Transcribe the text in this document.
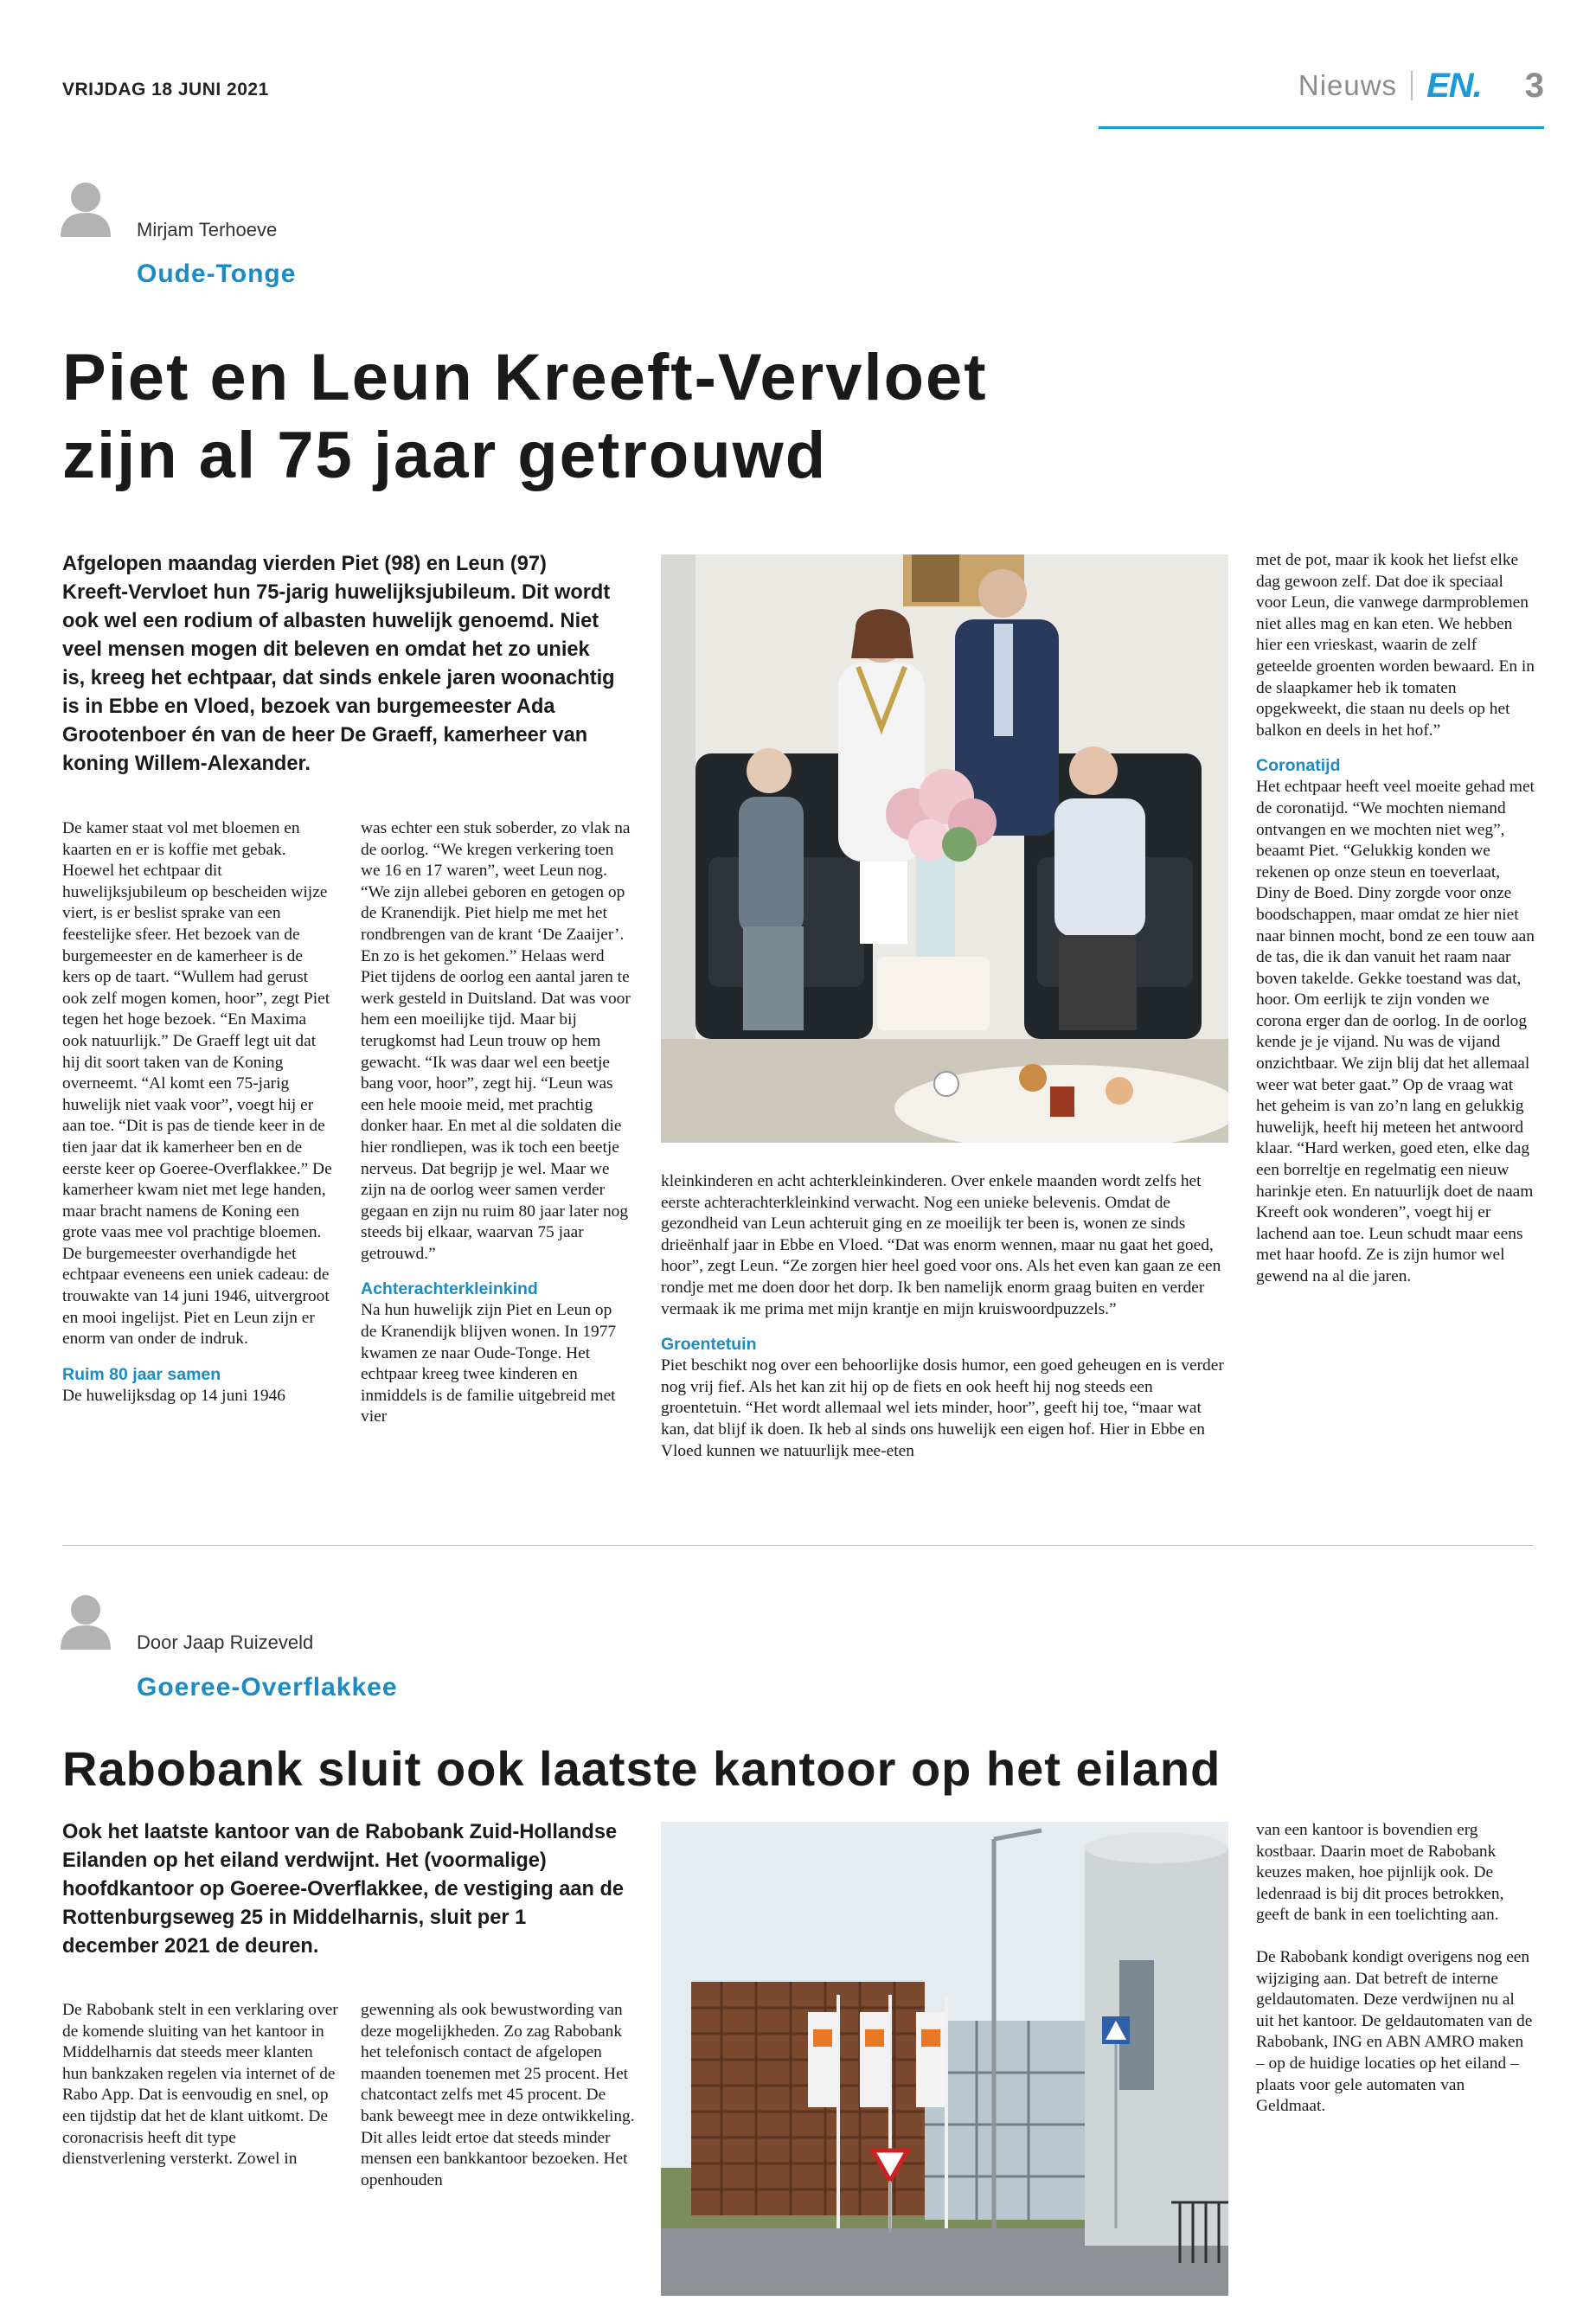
VRIJDAG 18 JUNI 2021	Nieuws EN. 3
Mirjam Terhoeve
Oude-Tonge
Piet en Leun Kreeft-Vervloet
zijn al 75 jaar getrouwd

Afgelopen maandag vierden Piet (98) en Leun (97) Kreeft-Vervloet hun 75-jarig huwelijksjubileum. Dit wordt ook wel een rodium of albasten huwelijk genoemd. Niet veel mensen mogen dit beleven en omdat het zo uniek is, kreeg het echtpaar, dat sinds enkele jaren woonachtig is in Ebbe en Vloed, bezoek van burgemeester Ada Grootenboer én van de heer De Graeff, kamerheer van koning Willem-Alexander.

De kamer staat vol met bloemen en kaarten en er is koffie met gebak. Hoewel het echtpaar dit huwelijksjubileum op bescheiden wijze viert, is er beslist sprake van een feestelijke sfeer. Het bezoek van de burgemeester en de kamerheer is de kers op de taart. “Wullem had gerust ook zelf mogen komen, hoor”, zegt Piet tegen het hoge bezoek. “En Maxima ook natuurlijk.” De Graeff legt uit dat hij dit soort taken van de Koning overneemt. “Al komt een 75-jarig huwelijk niet vaak voor”, voegt hij er aan toe. “Dit is pas de tiende keer in de tien jaar dat ik kamerheer ben en de eerste keer op Goeree-Overflakkee.” De kamerheer kwam niet met lege handen, maar bracht namens de Koning een grote vaas mee vol prachtige bloemen. De burgemeester overhandigde het echtpaar eveneens een uniek cadeau: de trouwakte van 14 juni 1946, uitvergroot en mooi ingelijst. Piet en Leun zijn er enorm van onder de indruk.

Ruim 80 jaar samen

De huwelijksdag op 14 juni 1946

was echter een stuk soberder, zo vlak na de oorlog. “We kregen verkering toen we 16 en 17 waren”, weet Leun nog. “We zijn allebei geboren en getogen op de Kranendijk. Piet hielp me met het rondbrengen van de krant ‘De Zaaijer’. En zo is het gekomen.” Helaas werd Piet tijdens de oorlog een aantal jaren te werk gesteld in Duitsland. Dat was voor hem een moeilijke tijd. Maar bij terugkomst had Leun trouw op hem gewacht. “Ik was daar wel een beetje bang voor, hoor”, zegt hij. “Leun was een hele mooie meid, met prachtig donker haar. En met al die soldaten die hier rondliepen, was ik toch een beetje nerveus. Dat begrijp je wel. Maar we zijn na de oorlog weer samen verder gegaan en zijn nu ruim 80 jaar later nog steeds bij elkaar, waarvan 75 jaar getrouwd.”

Achterachterkleinkind

Na hun huwelijk zijn Piet en Leun op de Kranendijk blijven wonen. In 1977 kwamen ze naar Oude-Tonge. Het echtpaar kreeg twee kinderen en inmiddels is de familie uitgebreid met vier

kleinkinderen en acht achterkleinkinderen. Over enkele maanden wordt zelfs het eerste achterachterkleinkind verwacht. Nog een unieke belevenis. Omdat de gezondheid van Leun achteruit ging en ze moeilijk ter been is, wonen ze sinds drieënhalf jaar in Ebbe en Vloed. “Dat was enorm wennen, maar nu gaat het goed, hoor”, zegt Leun. “Ze zorgen hier heel goed voor ons. Als het even kan gaan ze een rondje met me doen door het dorp. Ik ben namelijk enorm graag buiten en verder vermaak ik me prima met mijn krantje en mijn kruiswoordpuzzels.”

Groentetuin

Piet beschikt nog over een behoorlijke dosis humor, een goed geheugen en is verder nog vrij fief. Als het kan zit hij op de fiets en ook heeft hij nog steeds een groentetuin. “Het wordt allemaal wel iets minder, hoor”, geeft hij toe, “maar wat kan, dat blijf ik doen. Ik heb al sinds ons huwelijk een eigen hof. Hier in Ebbe en Vloed kunnen we natuurlijk mee-eten

met de pot, maar ik kook het liefst elke dag gewoon zelf. Dat doe ik speciaal voor Leun, die vanwege darmproblemen niet alles mag en kan eten. We hebben hier een vrieskast, waarin de zelf geteelde groenten worden bewaard. En in de slaapkamer heb ik tomaten opgekweekt, die staan nu deels op het balkon en deels in het hof.”

Coronatijd

Het echtpaar heeft veel moeite gehad met de coronatijd. “We mochten niemand ontvangen en we mochten niet weg”, beaamt Piet. “Gelukkig konden we rekenen op onze steun en toeverlaat, Diny de Boed. Diny zorgde voor onze boodschappen, maar omdat ze hier niet naar binnen mocht, bond ze een touw aan de tas, die ik dan vanuit het raam naar boven takelde. Gekke toestand was dat, hoor. Om eerlijk te zijn vonden we corona erger dan de oorlog. In de oorlog kende je je vijand. Nu was de vijand onzichtbaar. We zijn blij dat het allemaal weer wat beter gaat.” Op de vraag wat het geheim is van zo’n lang en gelukkig huwelijk, heeft hij meteen het antwoord klaar. “Hard werken, goed eten, elke dag een borreltje en regelmatig een nieuw harinkje eten. En natuurlijk doet de naam Kreeft ook wonderen”, voegt hij er lachend aan toe. Leun schudt maar eens met haar hoofd. Ze is zijn humor wel gewend na al die jaren.

Door Jaap Ruizeveld
Goeree-Overflakkee
Rabobank sluit ook laatste kantoor op het eiland

Ook het laatste kantoor van de Rabobank Zuid-Hollandse Eilanden op het eiland verdwijnt. Het (voormalige) hoofdkantoor op Goeree-Overflakkee, de vestiging aan de Rottenburgseweg 25 in Middelharnis, sluit per 1 december 2021 de deuren.

De Rabobank stelt in een verklaring over de komende sluiting van het kantoor in Middelharnis dat steeds meer klanten hun bankzaken regelen via internet of de Rabo App. Dat is eenvoudig en snel, op een tijdstip dat het de klant uitkomt. De coronacrisis heeft dit type dienstverlening versterkt. Zowel in

gewenning als ook bewustwording van deze mogelijkheden. Zo zag Rabobank het telefonisch contact de afgelopen maanden toenemen met 25 procent. Het chatcontact zelfs met 45 procent. De bank beweegt mee in deze ontwikkeling. Dit alles leidt ertoe dat steeds minder mensen een bankkantoor bezoeken. Het openhouden

van een kantoor is bovendien erg kostbaar. Daarin moet de Rabobank keuzes maken, hoe pijnlijk ook. De ledenraad is bij dit proces betrokken, geeft de bank in een toelichting aan.

De Rabobank kondigt overigens nog een wijziging aan. Dat betreft de interne geldautomaten. Deze verdwijnen nu al uit het kantoor. De geldautomaten van de Rabobank, ING en ABN AMRO maken – op de huidige locaties op het eiland – plaats voor gele automaten van Geldmaat.
